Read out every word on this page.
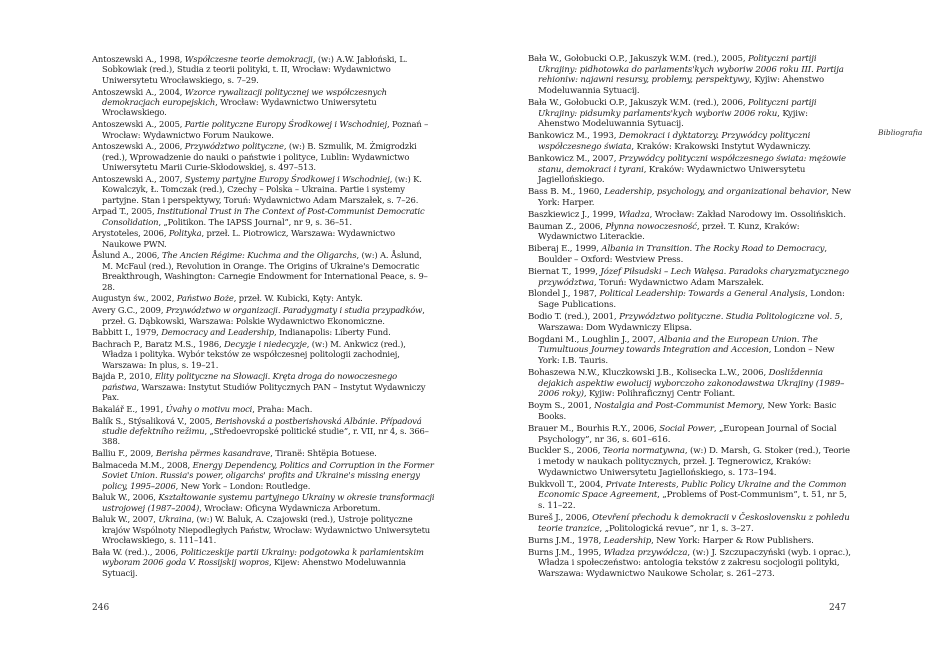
Antoszewski A., 1998, Współczesne teorie demokracji, (w:) A.W. Jabłoński, L. Sobkowiak (red.), Studia z teorii polityki, t. II, Wrocław: Wydawnictwo Uniwersytetu Wrocławskiego, s. 7–29.

Antoszewski A., 2004, Wzorce rywalizacji politycznej we współczesnych demokracjach europejskich, Wrocław: Wydawnictwo Uniwersytetu Wrocławskiego.

Antoszewski A., 2005, Partie polityczne Europy Środkowej i Wschodniej, Poznań – Wrocław: Wydawnictwo Forum Naukowe.

Antoszewski A., 2006, Przywództwo polityczne, (w:) B. Szmulik, M. Żmigrodzki (red.), Wprowadzenie do nauki o państwie i polityce, Lublin: Wydawnictwo Uniwersytetu Marii Curie-Skłodowskiej, s. 497–513.

Antoszewski A., 2007, Systemy partyjne Europy Środkowej i Wschodniej, (w:) K. Kowalczyk, Ł. Tomczak (red.), Czechy – Polska – Ukraina. Partie i systemy partyjne. Stan i perspektywy, Toruń: Wydawnictwo Adam Marszałek, s. 7–26.

Arpad T., 2005, Institutional Trust in The Context of Post-Communist Democratic Consolidation, „Politikon. The IAPSS Journal”, nr 9, s. 36–51.

Arystoteles, 2006, Polityka, przeł. L. Piotrowicz, Warszawa: Wydawnictwo Naukowe PWN.

Åslund A., 2006, The Ancien Régime: Kuchma and the Oligarchs, (w:) A. Åslund, M. McFaul (red.), Revolution in Orange. The Origins of Ukraine's Democratic Breakthrough, Washington: Carnegie Endowment for International Peace, s. 9–28.

Augustyn św., 2002, Państwo Boże, przeł. W. Kubicki, Kęty: Antyk.

Avery G.C., 2009, Przywództwo w organizacji. Paradygmaty i studia przypadków, przeł. G. Dąbkowski, Warszawa: Polskie Wydawnictwo Ekonomiczne.

Babbitt I., 1979, Democracy and Leadership, Indianapolis: Liberty Fund.

Bachrach P., Baratz M.S., 1986, Decyzje i niedecyzje, (w:) M. Ankwicz (red.), Władza i polityka. Wybór tekstów ze współczesnej politologii zachodniej, Warszawa: In plus, s. 19–21.

Bajda P., 2010, Elity polityczne na Słowacji. Kręta droga do nowoczesnego państwa, Warszawa: Instytut Studiów Politycznych PAN – Instytut Wydawniczy Pax.

Bakalář E., 1991, Úvahy o motivu moci, Praha: Mach.

Balík S., Stýsaliková V., 2005, Berishovská a postberishovská Albánie. Případová studie defektního režimu, „Středoevropské politické studie”, r. VII, nr 4, s. 366–388.

Balliu F., 2009, Berisha përmes kasandrave, Tiranë: Shtëpia Botuese.

Balmaceda M.M., 2008, Energy Dependency, Politics and Corruption in the Former Soviet Union. Russia's power, oligarchs' profits and Ukraine's missing energy policy, 1995–2006, New York – London: Routledge.

Baluk W., 2006, Kształtowanie systemu partyjnego Ukrainy w okresie transformacji ustrojowej (1987–2004), Wrocław: Oficyna Wydawnicza Arboretum.

Baluk W., 2007, Ukraina, (w:) W. Baluk, A. Czajowski (red.), Ustroje polityczne krajów Wspólnoty Niepodległych Państw, Wrocław: Wydawnictwo Uniwersytetu Wrocławskiego, s. 111–141.

Bała W. (red.)., 2006, Politiczeskije partii Ukrainy: podgotowka k parlamientskim wyboram 2006 goda V. Rossijskij wopros, Kijew: Ahenstwo Modeluwannia Sytuacij.

Bała W., Gołobucki O.P., Jakuszyk W.M. (red.), 2005, Polityczni partiji Ukrajiny: pidhotowka do parlaments'kych wyboriw 2006 roku III. Partija rehioniw: najawni resursy, problemy, perspektywy, Kyjiw: Ahenstwo Modeluwannia Sytuacij.

Bała W., Gołobucki O.P., Jakuszyk W.M. (red.), 2006, Polityczni partiji Ukrajiny: pidsumky parlaments'kych wyboriw 2006 roku, Kyjiw: Ahenstwo Modeluwannia Sytuacij.

Bankowicz M., 1993, Demokraci i dyktatorzy. Przywódcy polityczni współczesnego świata, Kraków: Krakowski Instytut Wydawniczy.

Bankowicz M., 2007, Przywódcy polityczni współczesnego świata: mężowie stanu, demokraci i tyrani, Kraków: Wydawnictwo Uniwersytetu Jagiellońskiego.

Bass B. M., 1960, Leadership, psychology, and organizational behavior, New York: Harper.

Baszkiewicz J., 1999, Władza, Wrocław: Zakład Narodowy im. Ossolińskich.

Bauman Z., 2006, Płynna nowoczesność, przeł. T. Kunz, Kraków: Wydawnictwo Literackie.

Biberaj E., 1999, Albania in Transition. The Rocky Road to Democracy, Boulder – Oxford: Westview Press.

Biernat T., 1999, Józef Piłsudski – Lech Wałęsa. Paradoks charyzmatycznego przywództwa, Toruń: Wydawnictwo Adam Marszałek.

Blondel J., 1987, Political Leadership: Towards a General Analysis, London: Sage Publications.

Bodio T. (red.), 2001, Przywództwo polityczne. Studia Politologiczne vol. 5, Warszawa: Dom Wydawniczy Elipsa.

Bogdani M., Loughlin J., 2007, Albania and the European Union. The Tumultuous Journey towards Integration and Accesion, London – New York: I.B. Tauris.

Bohaszewa N.W., Kluczkowski J.B., Kolisecka L.W., 2006, Dosliždennia dejakich aspektiw ewolucij wyborczoho zakonodawstwa Ukrajiny (1989–2006 roky), Kyjiw: Polihraficznyj Centr Foliant.

Boym S., 2001, Nostalgia and Post-Communist Memory, New York: Basic Books.

Brauer M., Bourhis R.Y., 2006, Social Power, „European Journal of Social Psychology”, nr 36, s. 601–616.

Buckler S., 2006, Teoria normatywna, (w:) D. Marsh, G. Stoker (red.), Teorie i metody w naukach politycznych, przeł. J. Tegnerowicz, Kraków: Wydawnictwo Uniwersytetu Jagiellońskiego, s. 173–194.

Bukkvoll T., 2004, Private Interests, Public Policy Ukraine and the Common Economic Space Agreement, „Problems of Post-Communism”, t. 51, nr 5, s. 11–22.

Bureš J., 2006, Otevření přechodu k demokracii v Československu z pohledu teorie tranzice, „Politologická revue”, nr 1, s. 3–27.

Burns J.M., 1978, Leadership, New York: Harper & Row Publishers.

Burns J.M., 1995, Władza przywódcza, (w:) J. Szczupaczyński (wyb. i oprac.), Władza i społeczeństwo: antologia tekstów z zakresu socjologii polityki, Warszawa: Wydawnictwo Naukowe Scholar, s. 261–273.

Bibliografia
246	247
